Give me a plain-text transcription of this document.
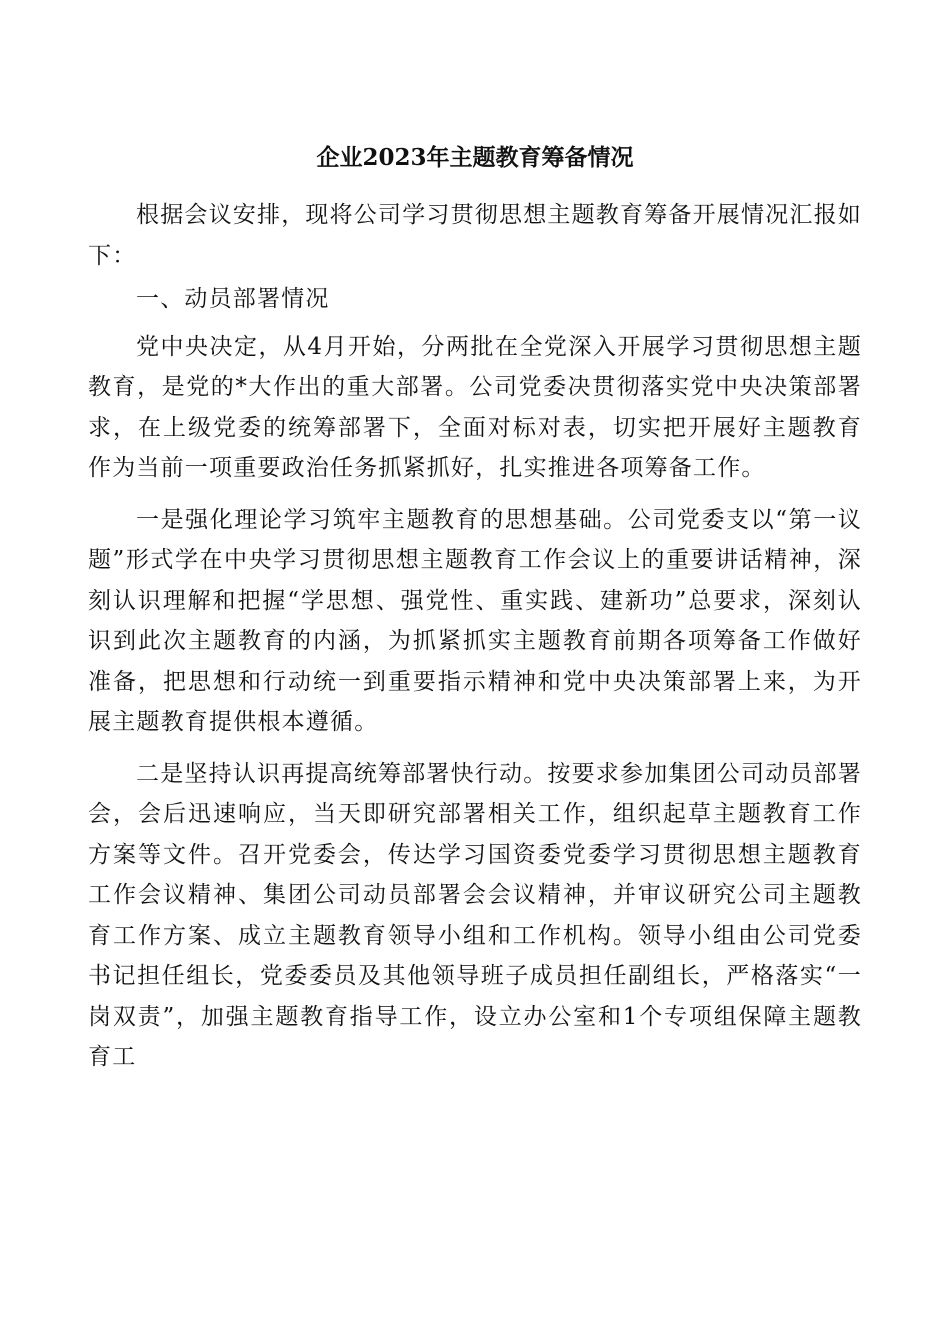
企业2023年主题教育筹备情况

根据会议安排，现将公司学习贯彻思想主题教育筹备开展情况汇报如下：

一、动员部署情况

党中央决定，从4月开始，分两批在全党深入开展学习贯彻思想主题教育，是党的*大作出的重大部署。公司党委决贯彻落实党中央决策部署求，在上级党委的统筹部署下，全面对标对表，切实把开展好主题教育作为当前一项重要政治任务抓紧抓好，扎实推进各项筹备工作。

一是强化理论学习筑牢主题教育的思想基础。公司党委支以“第一议题”形式学在中央学习贯彻思想主题教育工作会议上的重要讲话精神，深刻认识理解和把握“学思想、强党性、重实践、建新功”总要求，深刻认识到此次主题教育的内涵，为抓紧抓实主题教育前期各项筹备工作做好准备，把思想和行动统一到重要指示精神和党中央决策部署上来，为开展主题教育提供根本遵循。

二是坚持认识再提高统筹部署快行动。按要求参加集团公司动员部署会，会后迅速响应，当天即研究部署相关工作，组织起草主题教育工作方案等文件。召开党委会，传达学习国资委党委学习贯彻思想主题教育工作会议精神、集团公司动员部署会会议精神，并审议研究公司主题教育工作方案、成立主题教育领导小组和工作机构。领导小组由公司党委书记担任组长，党委委员及其他领导班子成员担任副组长，严格落实“一岗双责”，加强主题教育指导工作，设立办公室和1个专项组保障主题教育工
